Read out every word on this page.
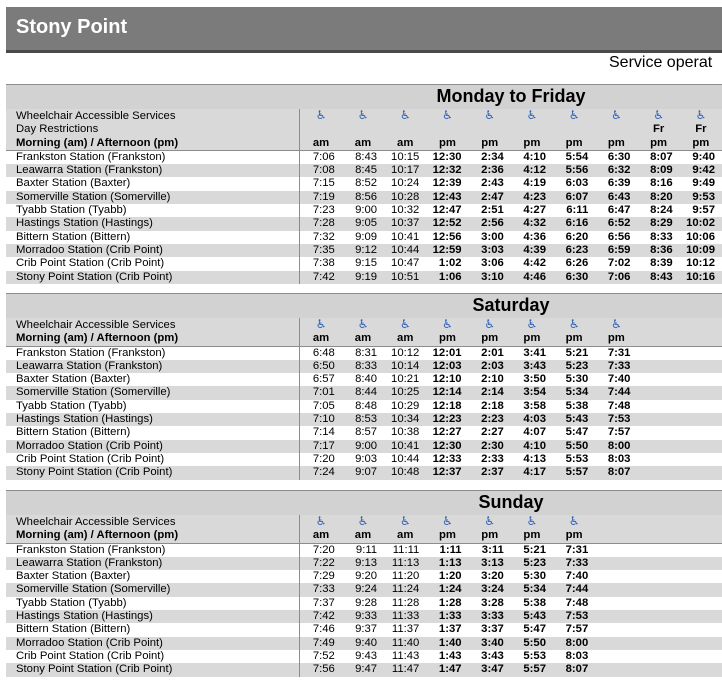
Stony Point
Service operat
Monday to Friday
Wheelchair Accessible Services	♿	♿	♿	♿	♿	♿	♿	♿	♿	♿
Day Restrictions									Fr	Fr
Morning (am) / Afternoon (pm)	am	am	am	pm	pm	pm	pm	pm	pm	pm
Frankston Station (Frankston)	7:06	8:43	10:15	12:30	2:34	4:10	5:54	6:30	8:07	9:40
Leawarra Station (Frankston)	7:08	8:45	10:17	12:32	2:36	4:12	5:56	6:32	8:09	9:42
Baxter Station (Baxter)	7:15	8:52	10:24	12:39	2:43	4:19	6:03	6:39	8:16	9:49
Somerville Station (Somerville)	7:19	8:56	10:28	12:43	2:47	4:23	6:07	6:43	8:20	9:53
Tyabb Station (Tyabb)	7:23	9:00	10:32	12:47	2:51	4:27	6:11	6:47	8:24	9:57
Hastings Station (Hastings)	7:28	9:05	10:37	12:52	2:56	4:32	6:16	6:52	8:29	10:02
Bittern Station (Bittern)	7:32	9:09	10:41	12:56	3:00	4:36	6:20	6:56	8:33	10:06
Morradoo Station (Crib Point)	7:35	9:12	10:44	12:59	3:03	4:39	6:23	6:59	8:36	10:09
Crib Point Station (Crib Point)	7:38	9:15	10:47	1:02	3:06	4:42	6:26	7:02	8:39	10:12
Stony Point Station (Crib Point)	7:42	9:19	10:51	1:06	3:10	4:46	6:30	7:06	8:43	10:16
Saturday
Wheelchair Accessible Services	♿	♿	♿	♿	♿	♿	♿	♿		
Morning (am) / Afternoon (pm)	am	am	am	pm	pm	pm	pm	pm		
Frankston Station (Frankston)	6:48	8:31	10:12	12:01	2:01	3:41	5:21	7:31		
Leawarra Station (Frankston)	6:50	8:33	10:14	12:03	2:03	3:43	5:23	7:33		
Baxter Station (Baxter)	6:57	8:40	10:21	12:10	2:10	3:50	5:30	7:40		
Somerville Station (Somerville)	7:01	8:44	10:25	12:14	2:14	3:54	5:34	7:44		
Tyabb Station (Tyabb)	7:05	8:48	10:29	12:18	2:18	3:58	5:38	7:48		
Hastings Station (Hastings)	7:10	8:53	10:34	12:23	2:23	4:03	5:43	7:53		
Bittern Station (Bittern)	7:14	8:57	10:38	12:27	2:27	4:07	5:47	7:57		
Morradoo Station (Crib Point)	7:17	9:00	10:41	12:30	2:30	4:10	5:50	8:00		
Crib Point Station (Crib Point)	7:20	9:03	10:44	12:33	2:33	4:13	5:53	8:03		
Stony Point Station (Crib Point)	7:24	9:07	10:48	12:37	2:37	4:17	5:57	8:07		
Sunday
Wheelchair Accessible Services	♿	♿	♿	♿	♿	♿	♿			
Morning (am) / Afternoon (pm)	am	am	am	pm	pm	pm	pm			
Frankston Station (Frankston)	7:20	9:11	11:11	1:11	3:11	5:21	7:31			
Leawarra Station (Frankston)	7:22	9:13	11:13	1:13	3:13	5:23	7:33			
Baxter Station (Baxter)	7:29	9:20	11:20	1:20	3:20	5:30	7:40			
Somerville Station (Somerville)	7:33	9:24	11:24	1:24	3:24	5:34	7:44			
Tyabb Station (Tyabb)	7:37	9:28	11:28	1:28	3:28	5:38	7:48			
Hastings Station (Hastings)	7:42	9:33	11:33	1:33	3:33	5:43	7:53			
Bittern Station (Bittern)	7:46	9:37	11:37	1:37	3:37	5:47	7:57			
Morradoo Station (Crib Point)	7:49	9:40	11:40	1:40	3:40	5:50	8:00			
Crib Point Station (Crib Point)	7:52	9:43	11:43	1:43	3:43	5:53	8:03			
Stony Point Station (Crib Point)	7:56	9:47	11:47	1:47	3:47	5:57	8:07			
